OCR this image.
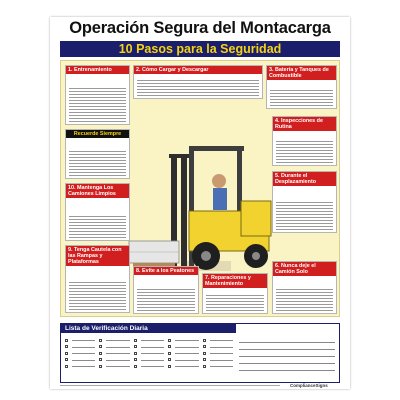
Operación Segura del Montacarga
10 Pasos para la Seguridad
1. Entrenamiento	2. Cómo Cargar y Descargar	3. Batería y Tanques de Combustible
Recuerde Siempre
4. Inspecciones de Rutina
10. Mantenga Los Camiones Limpios
5. Durante el Desplazamiento
9. Tenga Cautela con las Rampas y Plataformas
8. Evite a los Peatones
7. Reparaciones y Mantenimiento
6. Nunca deje el Camión Solo
Lista de Verificación Diaria
ComplianceSigns
